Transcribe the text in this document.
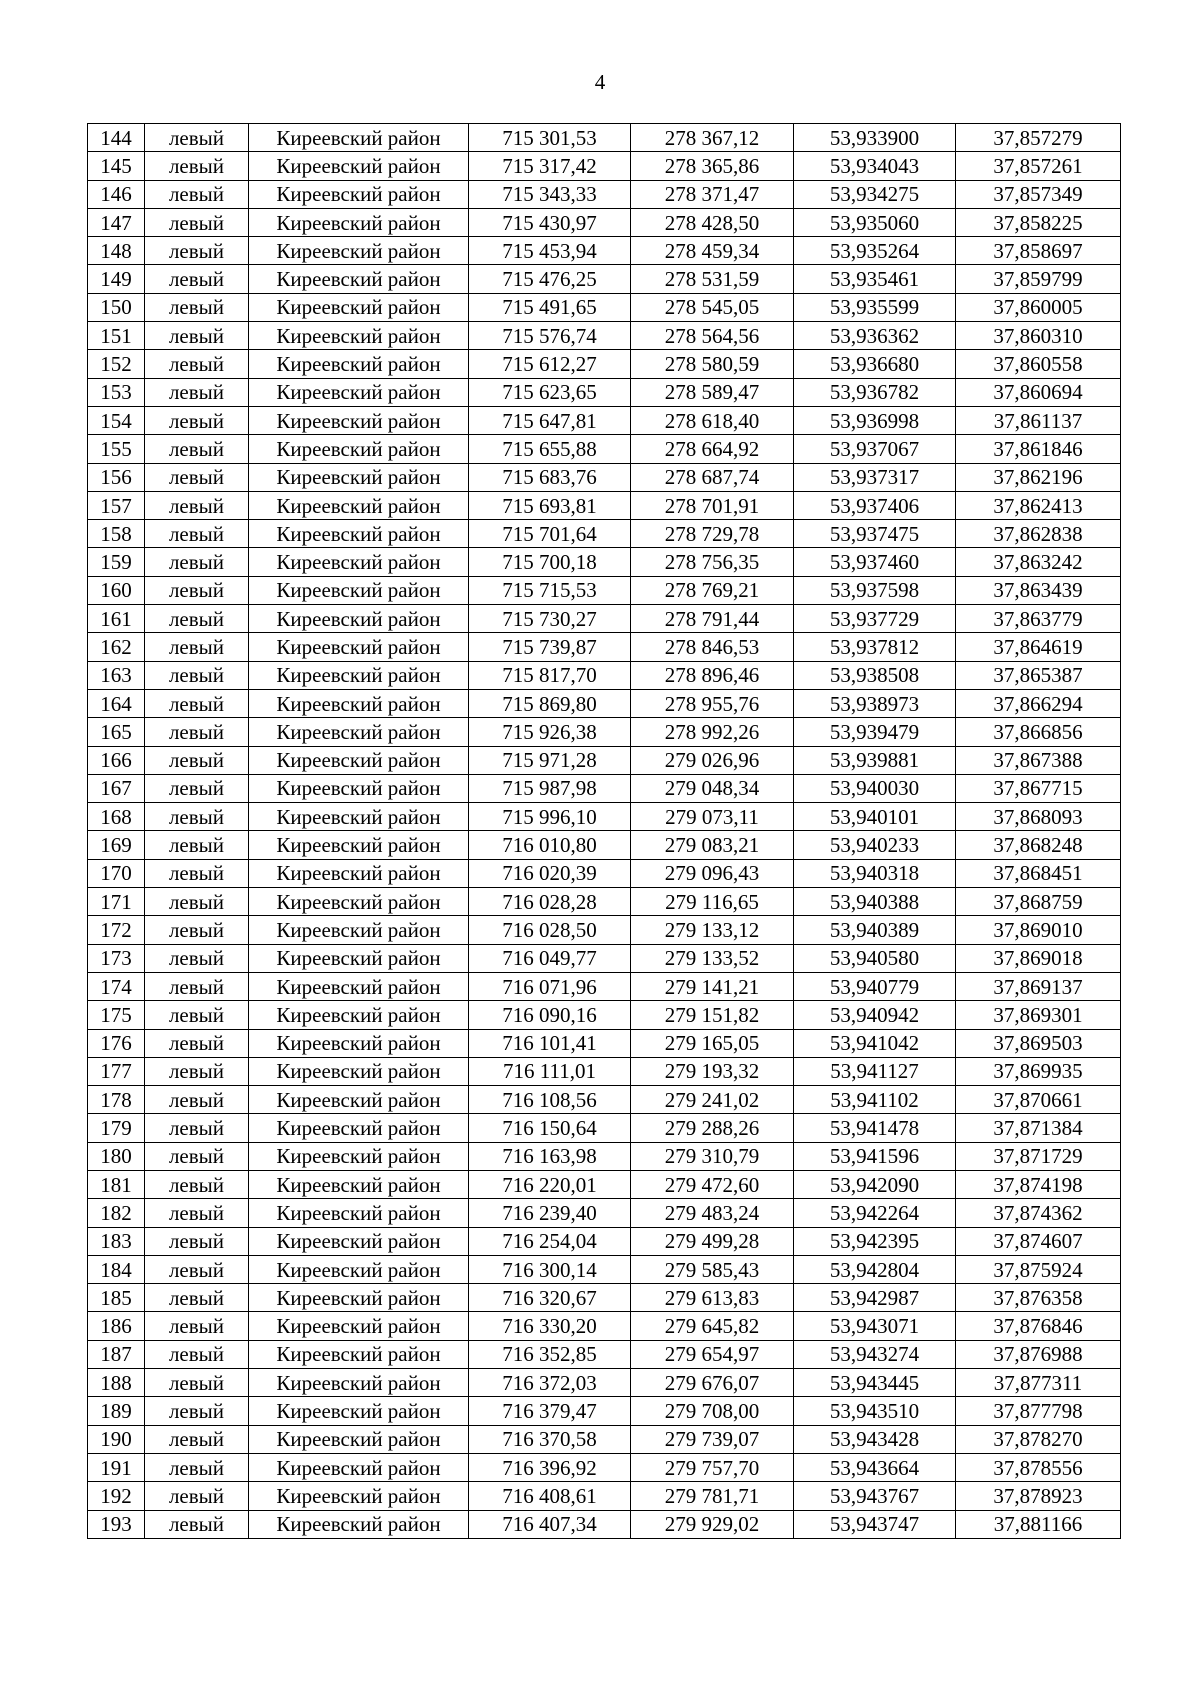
4
144	левый	Киреевский район	715 301,53	278 367,12	53,933900	37,857279
145	левый	Киреевский район	715 317,42	278 365,86	53,934043	37,857261
146	левый	Киреевский район	715 343,33	278 371,47	53,934275	37,857349
147	левый	Киреевский район	715 430,97	278 428,50	53,935060	37,858225
148	левый	Киреевский район	715 453,94	278 459,34	53,935264	37,858697
149	левый	Киреевский район	715 476,25	278 531,59	53,935461	37,859799
150	левый	Киреевский район	715 491,65	278 545,05	53,935599	37,860005
151	левый	Киреевский район	715 576,74	278 564,56	53,936362	37,860310
152	левый	Киреевский район	715 612,27	278 580,59	53,936680	37,860558
153	левый	Киреевский район	715 623,65	278 589,47	53,936782	37,860694
154	левый	Киреевский район	715 647,81	278 618,40	53,936998	37,861137
155	левый	Киреевский район	715 655,88	278 664,92	53,937067	37,861846
156	левый	Киреевский район	715 683,76	278 687,74	53,937317	37,862196
157	левый	Киреевский район	715 693,81	278 701,91	53,937406	37,862413
158	левый	Киреевский район	715 701,64	278 729,78	53,937475	37,862838
159	левый	Киреевский район	715 700,18	278 756,35	53,937460	37,863242
160	левый	Киреевский район	715 715,53	278 769,21	53,937598	37,863439
161	левый	Киреевский район	715 730,27	278 791,44	53,937729	37,863779
162	левый	Киреевский район	715 739,87	278 846,53	53,937812	37,864619
163	левый	Киреевский район	715 817,70	278 896,46	53,938508	37,865387
164	левый	Киреевский район	715 869,80	278 955,76	53,938973	37,866294
165	левый	Киреевский район	715 926,38	278 992,26	53,939479	37,866856
166	левый	Киреевский район	715 971,28	279 026,96	53,939881	37,867388
167	левый	Киреевский район	715 987,98	279 048,34	53,940030	37,867715
168	левый	Киреевский район	715 996,10	279 073,11	53,940101	37,868093
169	левый	Киреевский район	716 010,80	279 083,21	53,940233	37,868248
170	левый	Киреевский район	716 020,39	279 096,43	53,940318	37,868451
171	левый	Киреевский район	716 028,28	279 116,65	53,940388	37,868759
172	левый	Киреевский район	716 028,50	279 133,12	53,940389	37,869010
173	левый	Киреевский район	716 049,77	279 133,52	53,940580	37,869018
174	левый	Киреевский район	716 071,96	279 141,21	53,940779	37,869137
175	левый	Киреевский район	716 090,16	279 151,82	53,940942	37,869301
176	левый	Киреевский район	716 101,41	279 165,05	53,941042	37,869503
177	левый	Киреевский район	716 111,01	279 193,32	53,941127	37,869935
178	левый	Киреевский район	716 108,56	279 241,02	53,941102	37,870661
179	левый	Киреевский район	716 150,64	279 288,26	53,941478	37,871384
180	левый	Киреевский район	716 163,98	279 310,79	53,941596	37,871729
181	левый	Киреевский район	716 220,01	279 472,60	53,942090	37,874198
182	левый	Киреевский район	716 239,40	279 483,24	53,942264	37,874362
183	левый	Киреевский район	716 254,04	279 499,28	53,942395	37,874607
184	левый	Киреевский район	716 300,14	279 585,43	53,942804	37,875924
185	левый	Киреевский район	716 320,67	279 613,83	53,942987	37,876358
186	левый	Киреевский район	716 330,20	279 645,82	53,943071	37,876846
187	левый	Киреевский район	716 352,85	279 654,97	53,943274	37,876988
188	левый	Киреевский район	716 372,03	279 676,07	53,943445	37,877311
189	левый	Киреевский район	716 379,47	279 708,00	53,943510	37,877798
190	левый	Киреевский район	716 370,58	279 739,07	53,943428	37,878270
191	левый	Киреевский район	716 396,92	279 757,70	53,943664	37,878556
192	левый	Киреевский район	716 408,61	279 781,71	53,943767	37,878923
193	левый	Киреевский район	716 407,34	279 929,02	53,943747	37,881166
